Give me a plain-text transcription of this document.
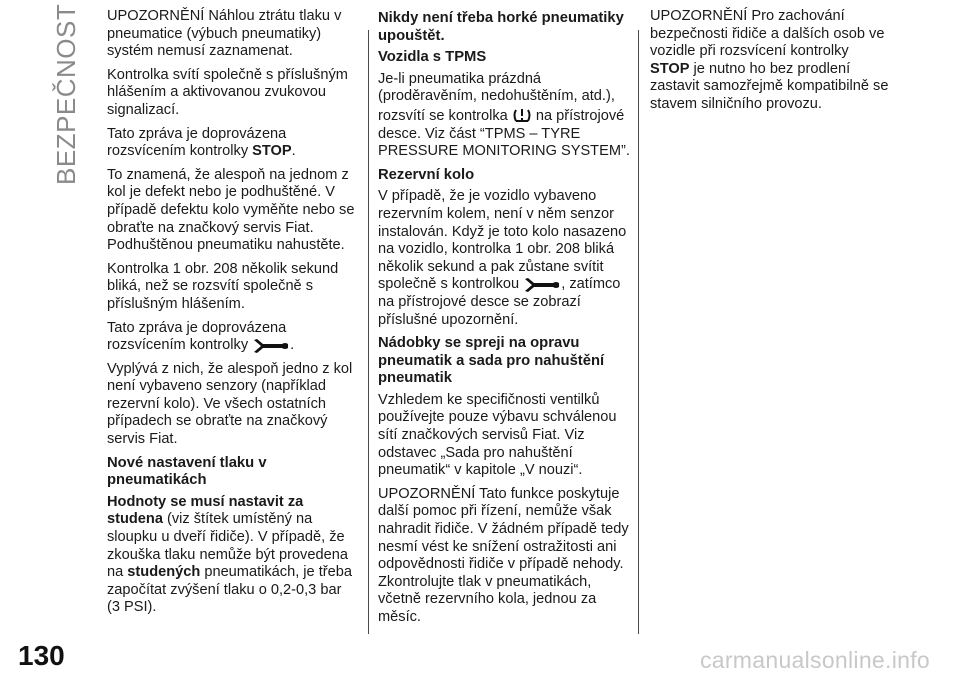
BEZPEČNOST UPOZORNĚNÍ Náhlou ztrátu tlaku v pneumatice (výbuch pneumatiky) systém nemusí zaznamenat.

Kontrolka svítí společně s příslušným hlášením a aktivovanou zvukovou signalizací.

Tato zpráva je doprovázena rozsvícením kontrolky STOP.

To znamená, že alespoň na jednom z kol je defekt nebo je podhuštěné. V případě defektu kolo vyměňte nebo se obraťte na značkový servis Fiat. Podhuštěnou pneumatiku nahustěte.

Kontrolka 1 obr. 208 několik sekund bliká, než se rozsvítí společně s příslušným hlášením.

Tato zpráva je doprovázena rozsvícením kontrolky	.

Vyplývá z nich, že alespoň jedno z kol není vybaveno senzory (například rezervní kolo). Ve všech ostatních případech se obraťte na značkový servis Fiat.

Nové nastavení tlaku v pneumatikách

Hodnoty se musí nastavit za studena (viz štítek umístěný na sloupku u dveří řidiče). V případě, že zkouška tlaku nemůže být provedena na studených pneumatikách, je třeba započítat zvýšení tlaku o 0,2-0,3 bar (3 PSI).

Nikdy není třeba horké pneumatiky upouštět.
Vozidla s TPMS

Je-li pneumatika prázdná (proděravěním, nedohuštěním, atd.), rozsvítí se kontrolka  na přístrojové desce. Viz část “TPMS – TYRE PRESSURE MONITORING SYSTEM”.

Rezervní kolo

V případě, že je vozidlo vybaveno rezervním kolem, není v něm senzor instalován. Když je toto kolo nasazeno na vozidlo, kontrolka 1 obr. 208 bliká několik sekund a pak zůstane svítit společně s kontrolkou	, zatímco na přístrojové desce se zobrazí příslušné upozornění.

Nádobky se spreji na opravu pneumatik a sada pro nahuštění pneumatik

Vzhledem ke specifičnosti ventilků používejte pouze výbavu schválenou sítí značkových servisů Fiat. Viz odstavec „Sada pro nahuštění pneumatik“ v kapitole „V nouzi“.

UPOZORNĚNÍ Tato funkce poskytuje další pomoc při řízení, nemůže však nahradit řidiče. V žádném případě tedy nesmí vést ke snížení ostražitosti ani odpovědnosti řidiče v případě nehody. Zkontrolujte tlak v pneumatikách, včetně rezervního kola, jednou za měsíc.

UPOZORNĚNÍ Pro zachování bezpečnosti řidiče a dalších osob ve vozidle při rozsvícení kontrolky STOP je nutno ho bez prodlení zastavit samozřejmě kompatibilně se stavem silničního provozu.

130	carmanualsonline.info
